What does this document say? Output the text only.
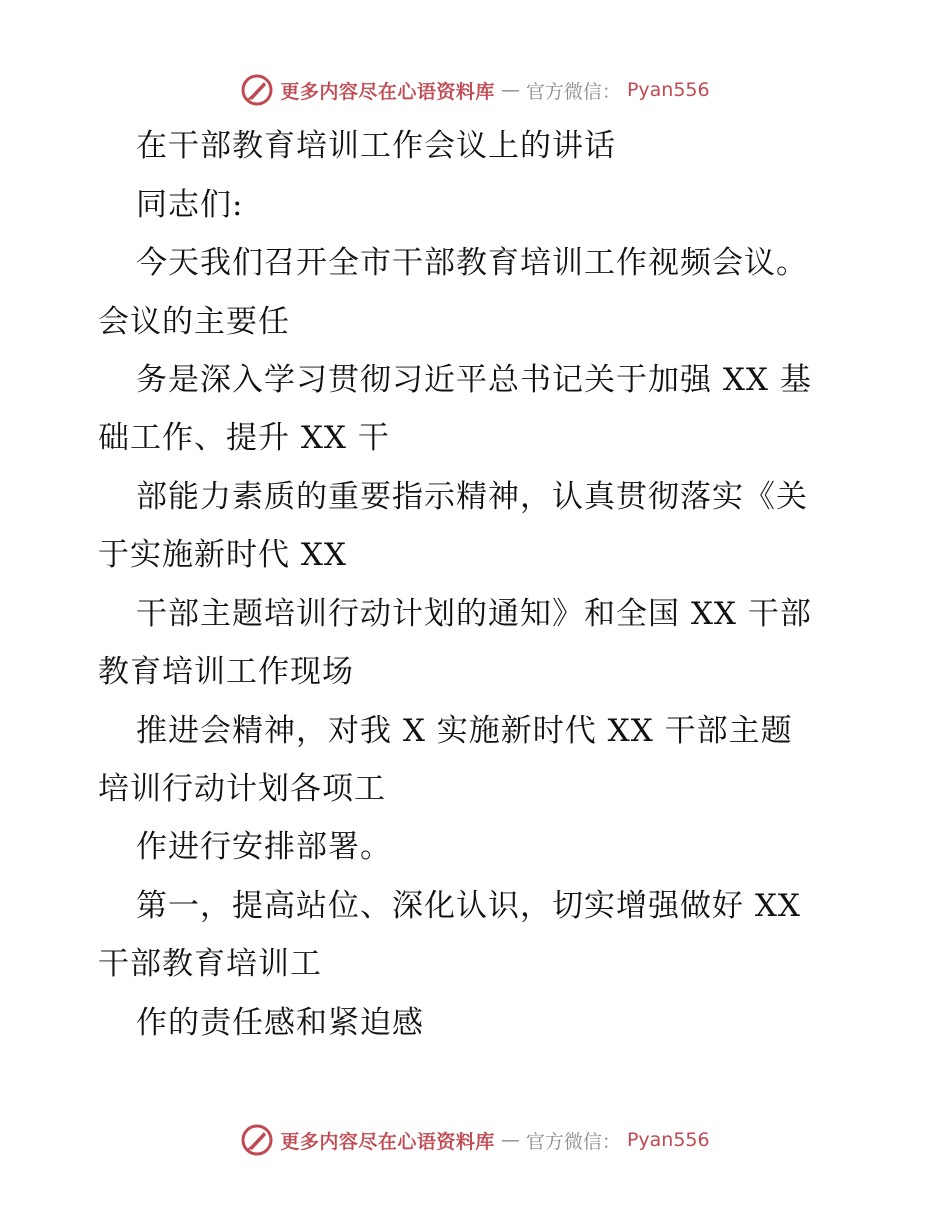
更多内容尽在心语资料库 — 官方微信： Pyan556
在干部教育培训工作会议上的讲话
同志们:
今天我们召开全市干部教育培训工作视频会议。
会议的主要任
务是深入学习贯彻习近平总书记关于加强 XX 基
础工作、提升 XX 干
部能力素质的重要指示精神，认真贯彻落实《关
于实施新时代 XX
干部主题培训行动计划的通知》和全国 XX 干部
教育培训工作现场
推进会精神，对我 X 实施新时代 XX 干部主题
培训行动计划各项工
作进行安排部署。
第一，提高站位、深化认识，切实增强做好 XX
干部教育培训工
作的责任感和紧迫感
更多内容尽在心语资料库 — 官方微信： Pyan556
